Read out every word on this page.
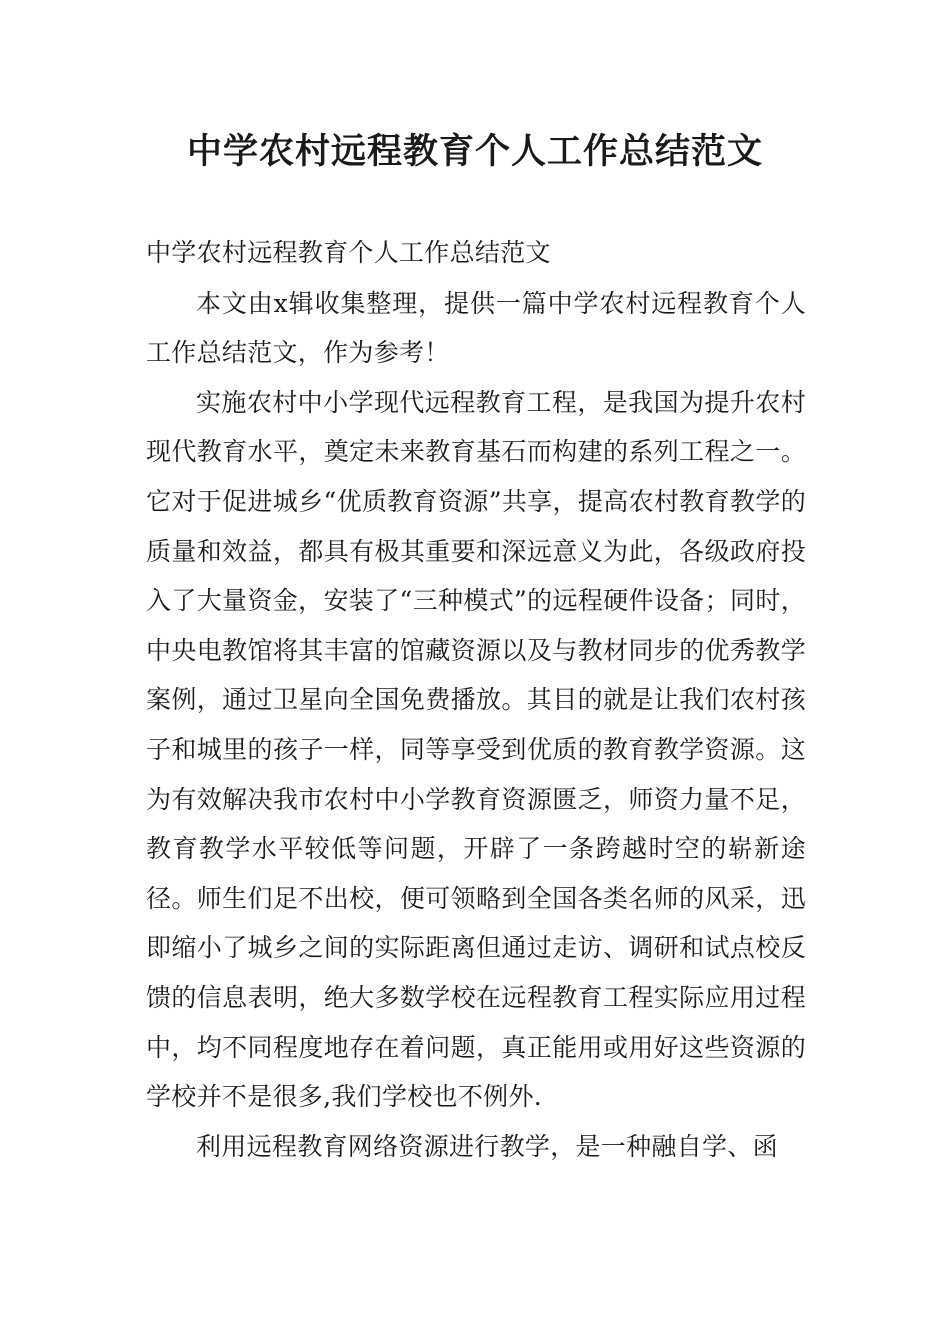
中学农村远程教育个人工作总结范文

中学农村远程教育个人工作总结范文

本文由x辑收集整理，提供一篇中学农村远程教育个人工作总结范文，作为参考！

实施农村中小学现代远程教育工程，是我国为提升农村现代教育水平，奠定未来教育基石而构建的系列工程之一。它对于促进城乡“优质教育资源”共享，提高农村教育教学的质量和效益，都具有极其重要和深远意义为此，各级政府投入了大量资金，安装了“三种模式”的远程硬件设备；同时，中央电教馆将其丰富的馆藏资源以及与教材同步的优秀教学案例，通过卫星向全国免费播放。其目的就是让我们农村孩子和城里的孩子一样，同等享受到优质的教育教学资源。这为有效解决我市农村中小学教育资源匮乏，师资力量不足，教育教学水平较低等问题，开辟了一条跨越时空的崭新途径。师生们足不出校，便可领略到全国各类名师的风采，迅即缩小了城乡之间的实际距离但通过走访、调研和试点校反馈的信息表明，绝大多数学校在远程教育工程实际应用过程中，均不同程度地存在着问题，真正能用或用好这些资源的学校并不是很多,我们学校也不例外.

利用远程教育网络资源进行教学，是一种融自学、函
